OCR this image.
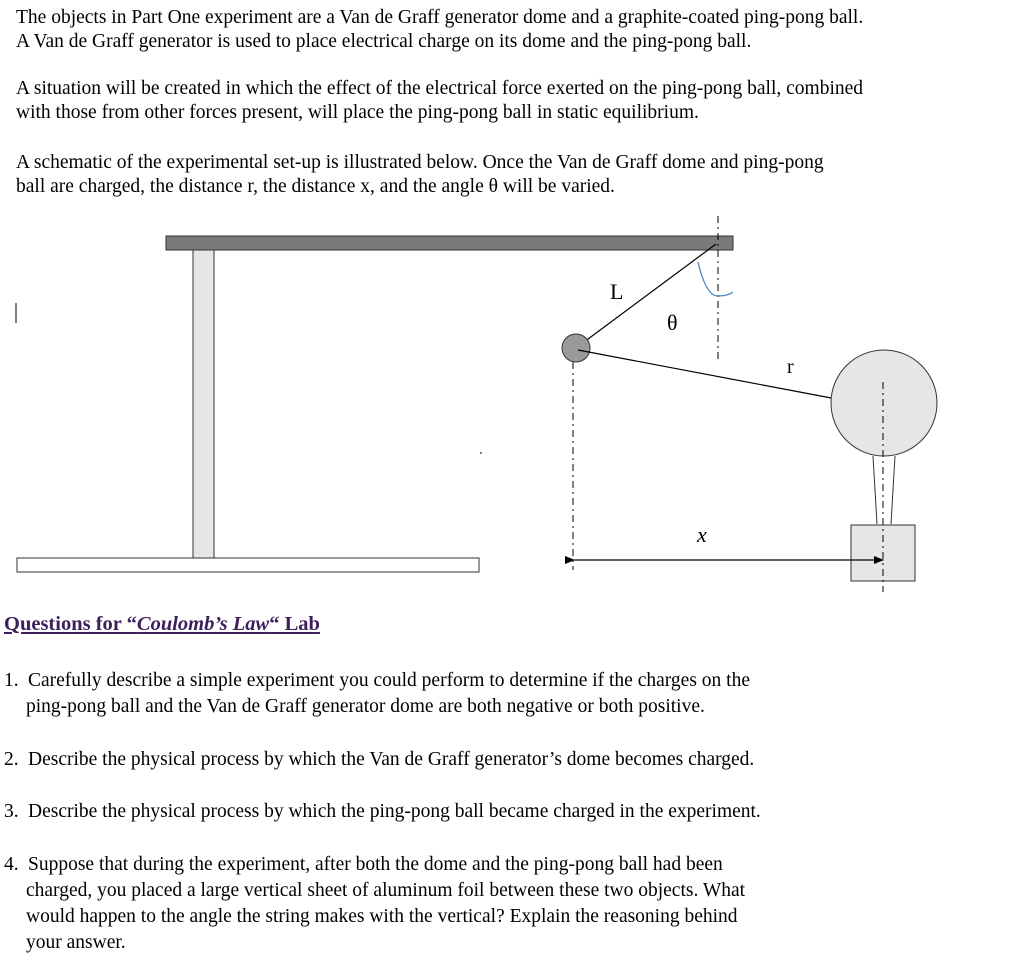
The objects in Part One experiment are a Van de Graff generator dome and a graphite-coated ping-pong ball.
A Van de Graff generator is used to place electrical charge on its dome and the ping-pong ball.
A situation will be created in which the effect of the electrical force exerted on the ping-pong ball, combined
with those from other forces present, will place the ping-pong ball in static equilibrium.
A schematic of the experimental set-up is illustrated below. Once the Van de Graff dome and ping-pong
ball are charged, the distance r, the distance x, and the angle θ will be varied.
L
θ
r
x
Questions for “Coulomb’s Law“ Lab
1. Carefully describe a simple experiment you could perform to determine if the charges on the
ping-pong ball and the Van de Graff generator dome are both negative or both positive.
2. Describe the physical process by which the Van de Graff generator’s dome becomes charged.
3. Describe the physical process by which the ping-pong ball became charged in the experiment.
4. Suppose that during the experiment, after both the dome and the ping-pong ball had been
charged, you placed a large vertical sheet of aluminum foil between these two objects. What
would happen to the angle the string makes with the vertical? Explain the reasoning behind
your answer.
